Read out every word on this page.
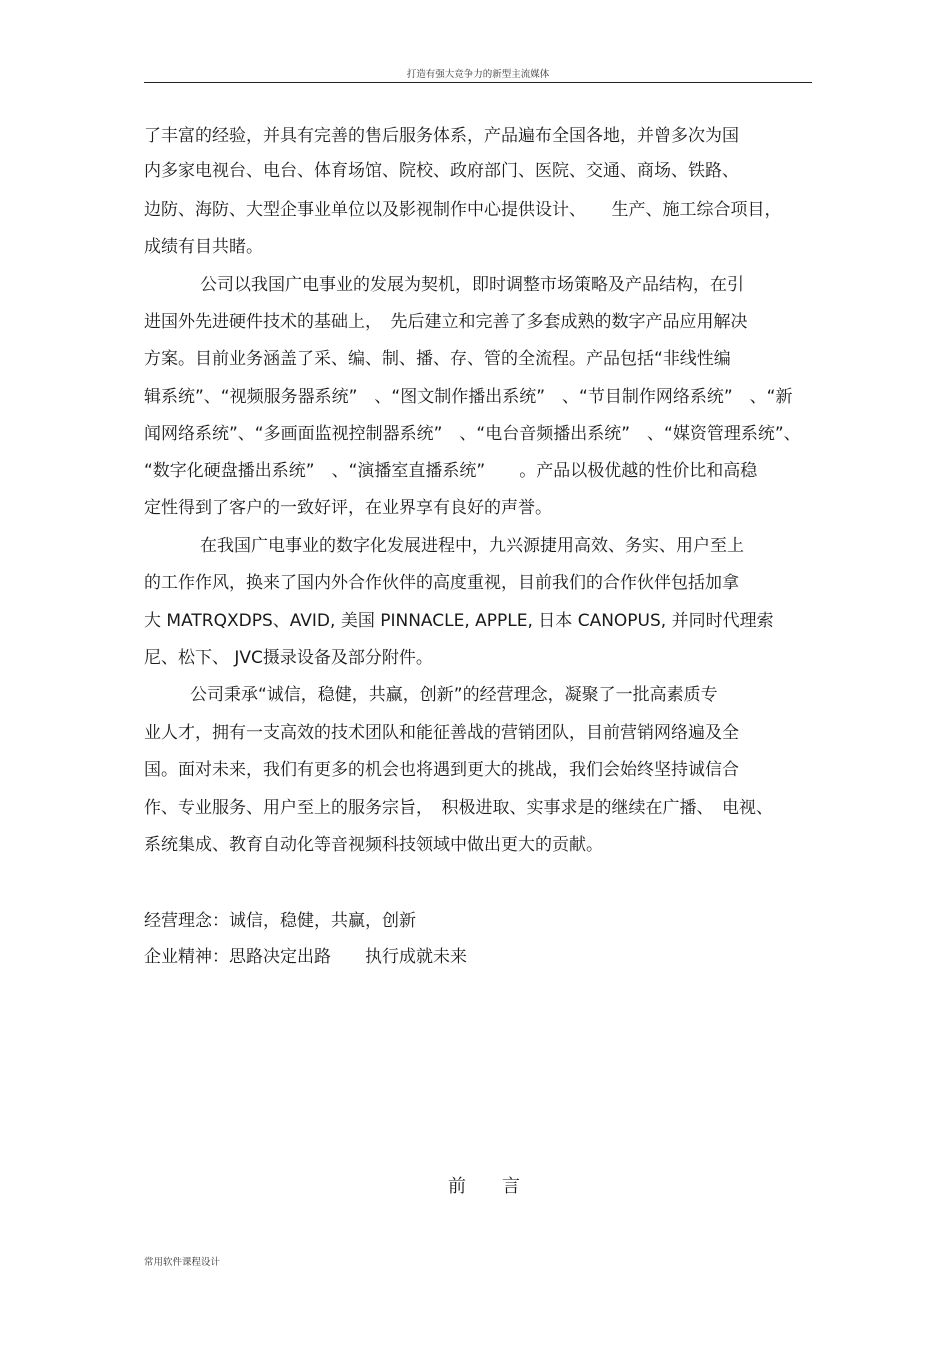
打造有强大竞争力的新型主流媒体
了丰富的经验，并具有完善的售后服务体系，产品遍布全国各地，并曾多次为国
内多家电视台、电台、体育场馆、院校、政府部门、医院、交通、商场、铁路、
边防、海防、大型企事业单位以及影视制作中心提供设计、　　生产、施工综合项目，
成绩有目共睹。
公司以我国广电事业的发展为契机，即时调整市场策略及产品结构，在引
进国外先进硬件技术的基础上，　先后建立和完善了多套成熟的数字产品应用解决
方案。目前业务涵盖了采、编、制、播、存、管的全流程。产品包括“非线性编
辑系统”、“视频服务器系统”　、“图文制作播出系统”　、“节目制作网络系统”　、“新
闻网络系统”、“多画面监视控制器系统”　、“电台音频播出系统”　、“媒资管理系统”、
“数字化硬盘播出系统”　、“演播室直播系统”　　。产品以极优越的性价比和高稳
定性得到了客户的一致好评，在业界享有良好的声誉。
在我国广电事业的数字化发展进程中，九兴源捷用高效、务实、用户至上
的工作作风，换来了国内外合作伙伴的高度重视，目前我们的合作伙伴包括加拿
大 MATRQXDPS、AVID, 美国 PINNACLE, APPLE, 日本 CANOPUS, 并同时代理索
尼、松下、 JVC摄录设备及部分附件。
公司秉承“诚信，稳健，共赢，创新”的经营理念，凝聚了一批高素质专
业人才，拥有一支高效的技术团队和能征善战的营销团队，目前营销网络遍及全
国。面对未来，我们有更多的机会也将遇到更大的挑战，我们会始终坚持诚信合
作、专业服务、用户至上的服务宗旨，　积极进取、实事求是的继续在广播、　电视、
系统集成、教育自动化等音视频科技领域中做出更大的贡献。
经营理念：诚信，稳健，共赢，创新
企业精神：思路决定出路　　执行成就未来
前　　言
常用软件课程设计
